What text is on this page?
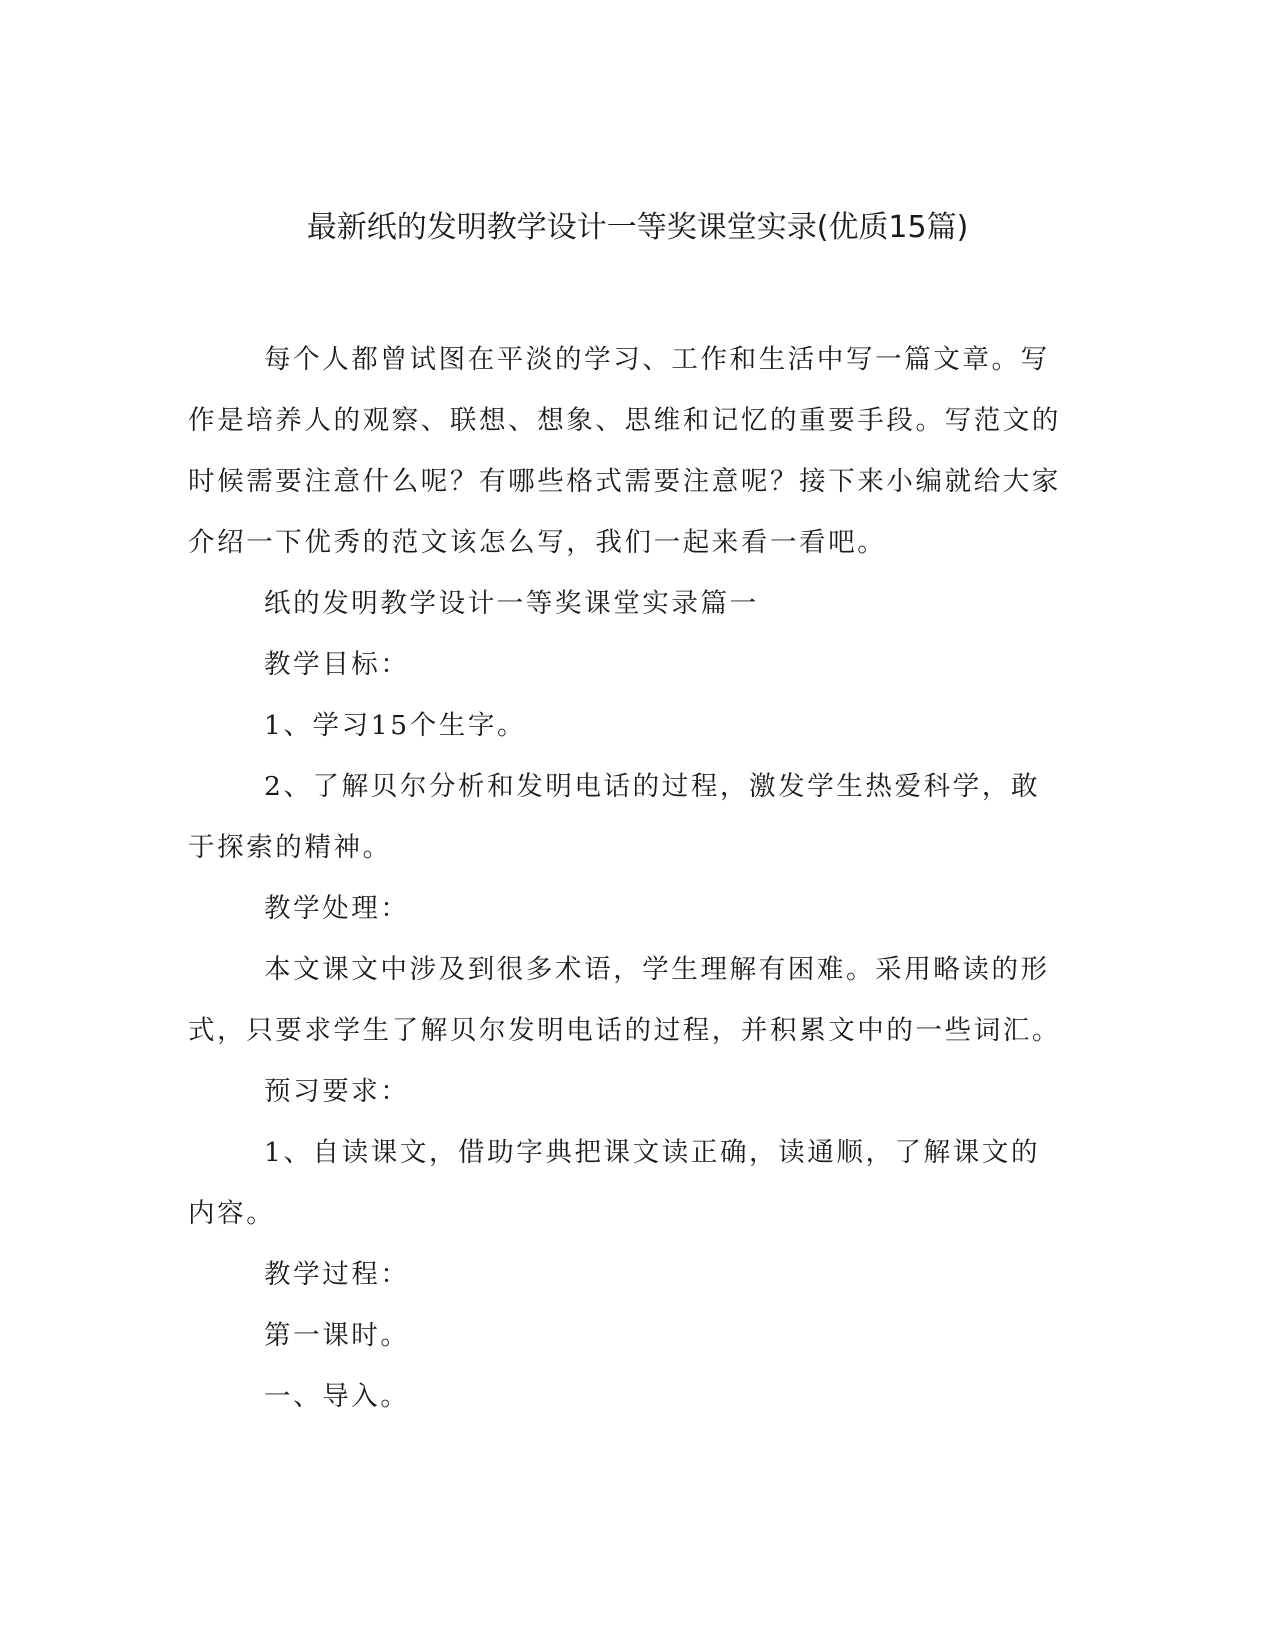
最新纸的发明教学设计一等奖课堂实录(优质15篇)

每个人都曾试图在平淡的学习、工作和生活中写一篇文章。写作是培养人的观察、联想、想象、思维和记忆的重要手段。写范文的时候需要注意什么呢？有哪些格式需要注意呢？接下来小编就给大家介绍一下优秀的范文该怎么写，我们一起来看一看吧。

纸的发明教学设计一等奖课堂实录篇一

教学目标：

1、学习15个生字。

2、了解贝尔分析和发明电话的过程，激发学生热爱科学，敢于探索的精神。

教学处理：

本文课文中涉及到很多术语，学生理解有困难。采用略读的形式，只要求学生了解贝尔发明电话的过程，并积累文中的一些词汇。

预习要求：

1、自读课文，借助字典把课文读正确，读通顺，了解课文的内容。

教学过程：

第一课时。

一、导入。
